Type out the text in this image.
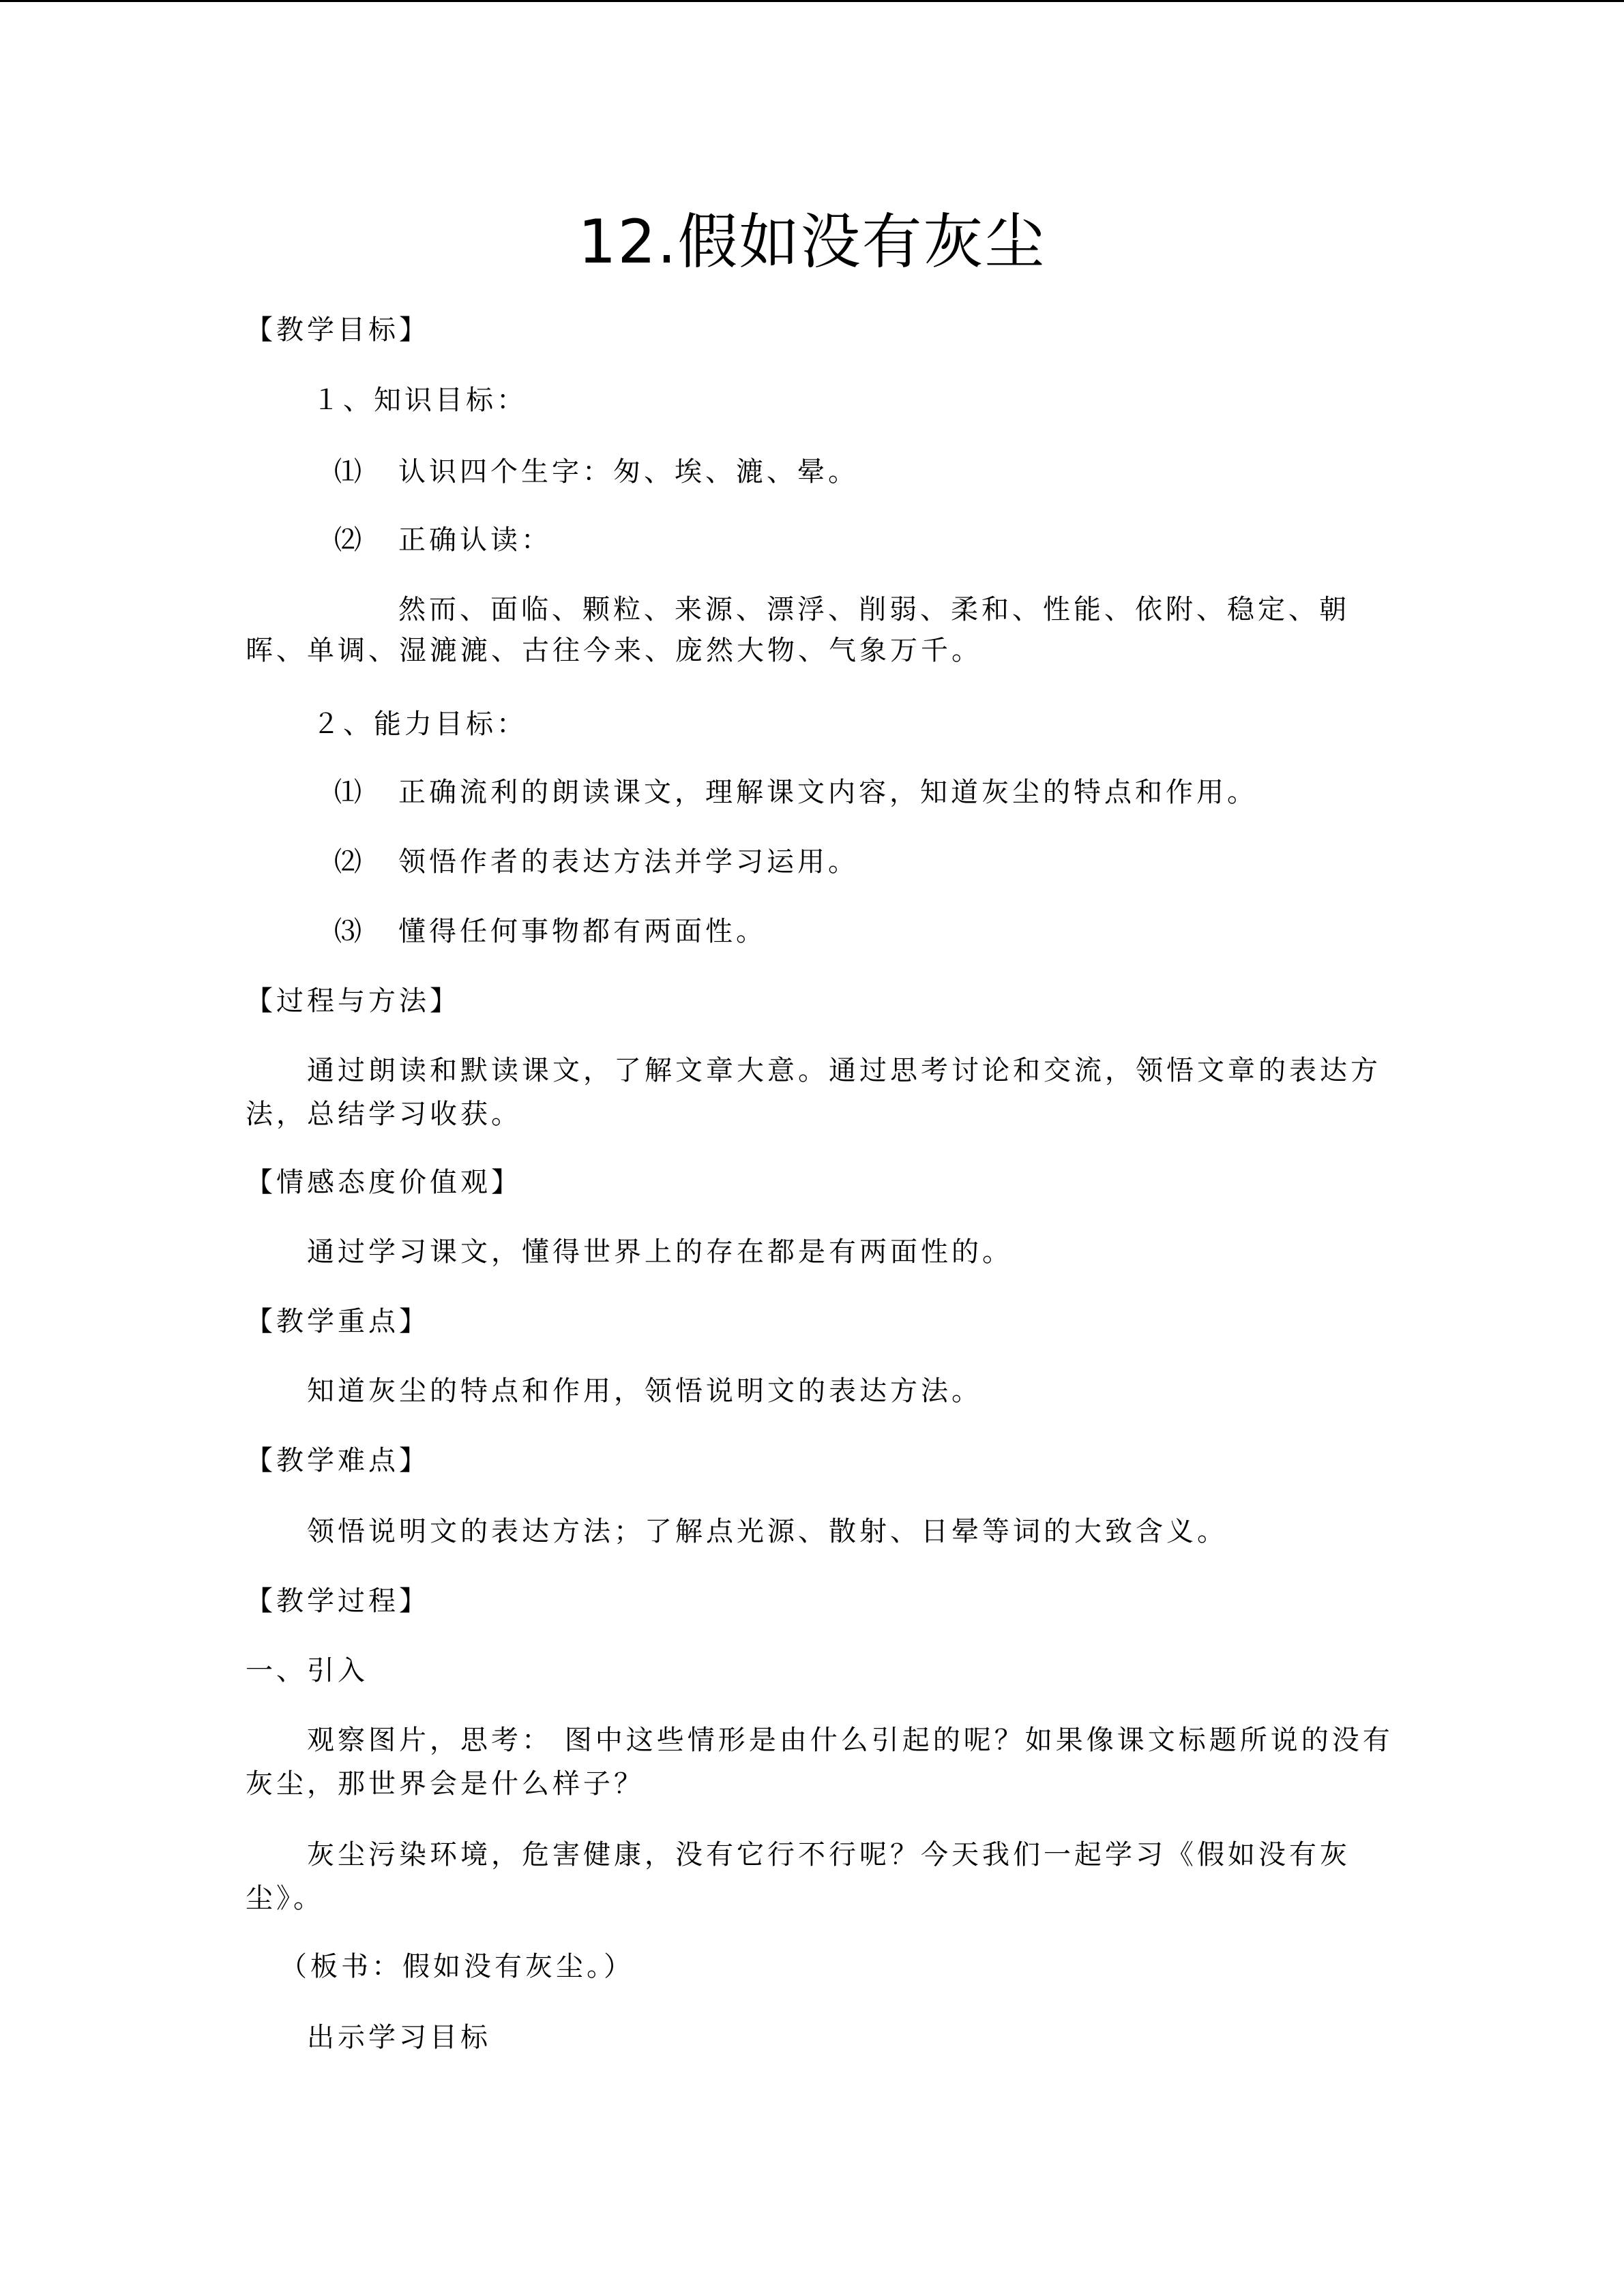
12.假如没有灰尘
【教学目标】
１、知识目标：
⑴ 认识四个生字：匆、埃、漉、晕。
⑵ 正确认读：
然而、面临、颗粒、来源、漂浮、削弱、柔和、性能、依附、稳定、朝
晖、单调、湿漉漉、古往今来、庞然大物、气象万千。
２、能力目标：
⑴ 正确流利的朗读课文，理解课文内容，知道灰尘的特点和作用。
⑵ 领悟作者的表达方法并学习运用。
⑶ 懂得任何事物都有两面性。
【过程与方法】
通过朗读和默读课文，了解文章大意。通过思考讨论和交流，领悟文章的表达方
法，总结学习收获。
【情感态度价值观】
通过学习课文，懂得世界上的存在都是有两面性的。
【教学重点】
知道灰尘的特点和作用，领悟说明文的表达方法。
【教学难点】
领悟说明文的表达方法；了解点光源、散射、日晕等词的大致含义。
【教学过程】
一、引入
观察图片，思考： 图中这些情形是由什么引起的呢？如果像课文标题所说的没有
灰尘，那世界会是什么样子？
灰尘污染环境，危害健康，没有它行不行呢？今天我们一起学习《假如没有灰
尘》。
（板书：假如没有灰尘。）
出示学习目标
